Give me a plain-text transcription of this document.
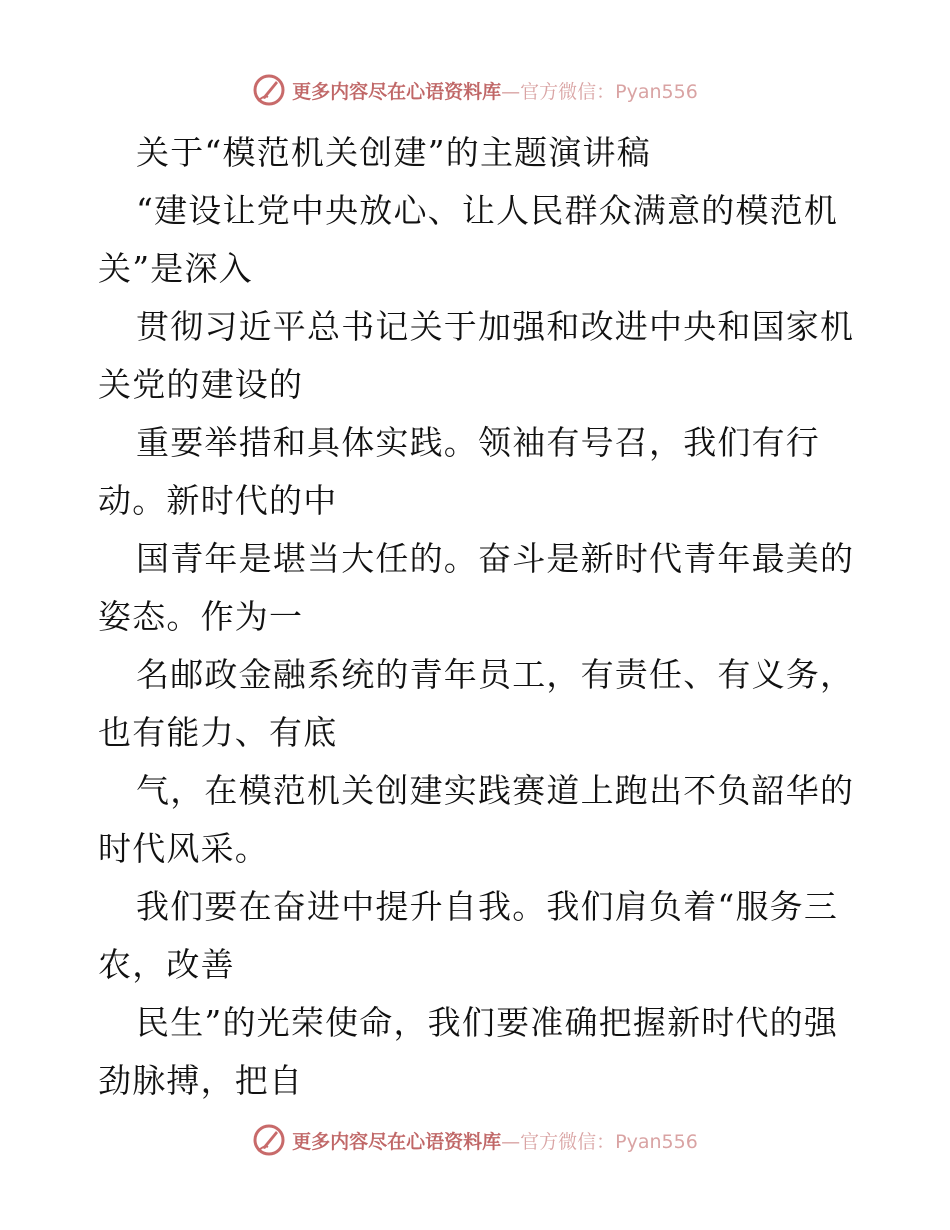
更多内容尽在心语资料库—官方微信：Pyan556
关于“模范机关创建”的主题演讲稿
“建设让党中央放心、让人民群众满意的模范机
关”是深入
贯彻习近平总书记关于加强和改进中央和国家机
关党的建设的
重要举措和具体实践。领袖有号召，我们有行
动。新时代的中
国青年是堪当大任的。奋斗是新时代青年最美的
姿态。作为一
名邮政金融系统的青年员工，有责任、有义务，
也有能力、有底
气，在模范机关创建实践赛道上跑出不负韶华的
时代风采。
我们要在奋进中提升自我。我们肩负着“服务三
农，改善
民生”的光荣使命，我们要准确把握新时代的强
劲脉搏，把自
更多内容尽在心语资料库—官方微信：Pyan556
